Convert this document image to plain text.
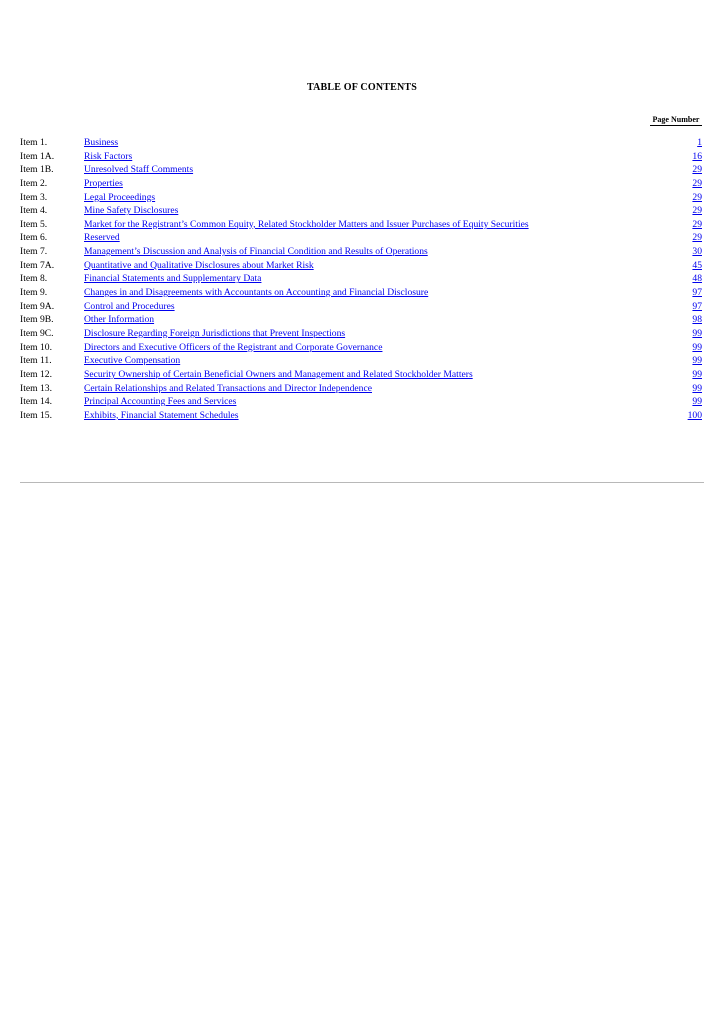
TABLE OF CONTENTS
Page Number
Item 1.	Business	1
Item 1A.	Risk Factors	16
Item 1B.	Unresolved Staff Comments	29
Item 2.	Properties	29
Item 3.	Legal Proceedings	29
Item 4.	Mine Safety Disclosures	29
Item 5.	Market for the Registrant’s Common Equity, Related Stockholder Matters and Issuer Purchases of Equity Securities	29
Item 6.	Reserved	29
Item 7.	Management’s Discussion and Analysis of Financial Condition and Results of Operations	30
Item 7A.	Quantitative and Qualitative Disclosures about Market Risk	45
Item 8.	Financial Statements and Supplementary Data	48
Item 9.	Changes in and Disagreements with Accountants on Accounting and Financial Disclosure	97
Item 9A.	Control and Procedures	97
Item 9B.	Other Information	98
Item 9C.	Disclosure Regarding Foreign Jurisdictions that Prevent Inspections	99
Item 10.	Directors and Executive Officers of the Registrant and Corporate Governance	99
Item 11.	Executive Compensation	99
Item 12.	Security Ownership of Certain Beneficial Owners and Management and Related Stockholder Matters	99
Item 13.	Certain Relationships and Related Transactions and Director Independence	99
Item 14.	Principal Accounting Fees and Services	99
Item 15.	Exhibits, Financial Statement Schedules	100
